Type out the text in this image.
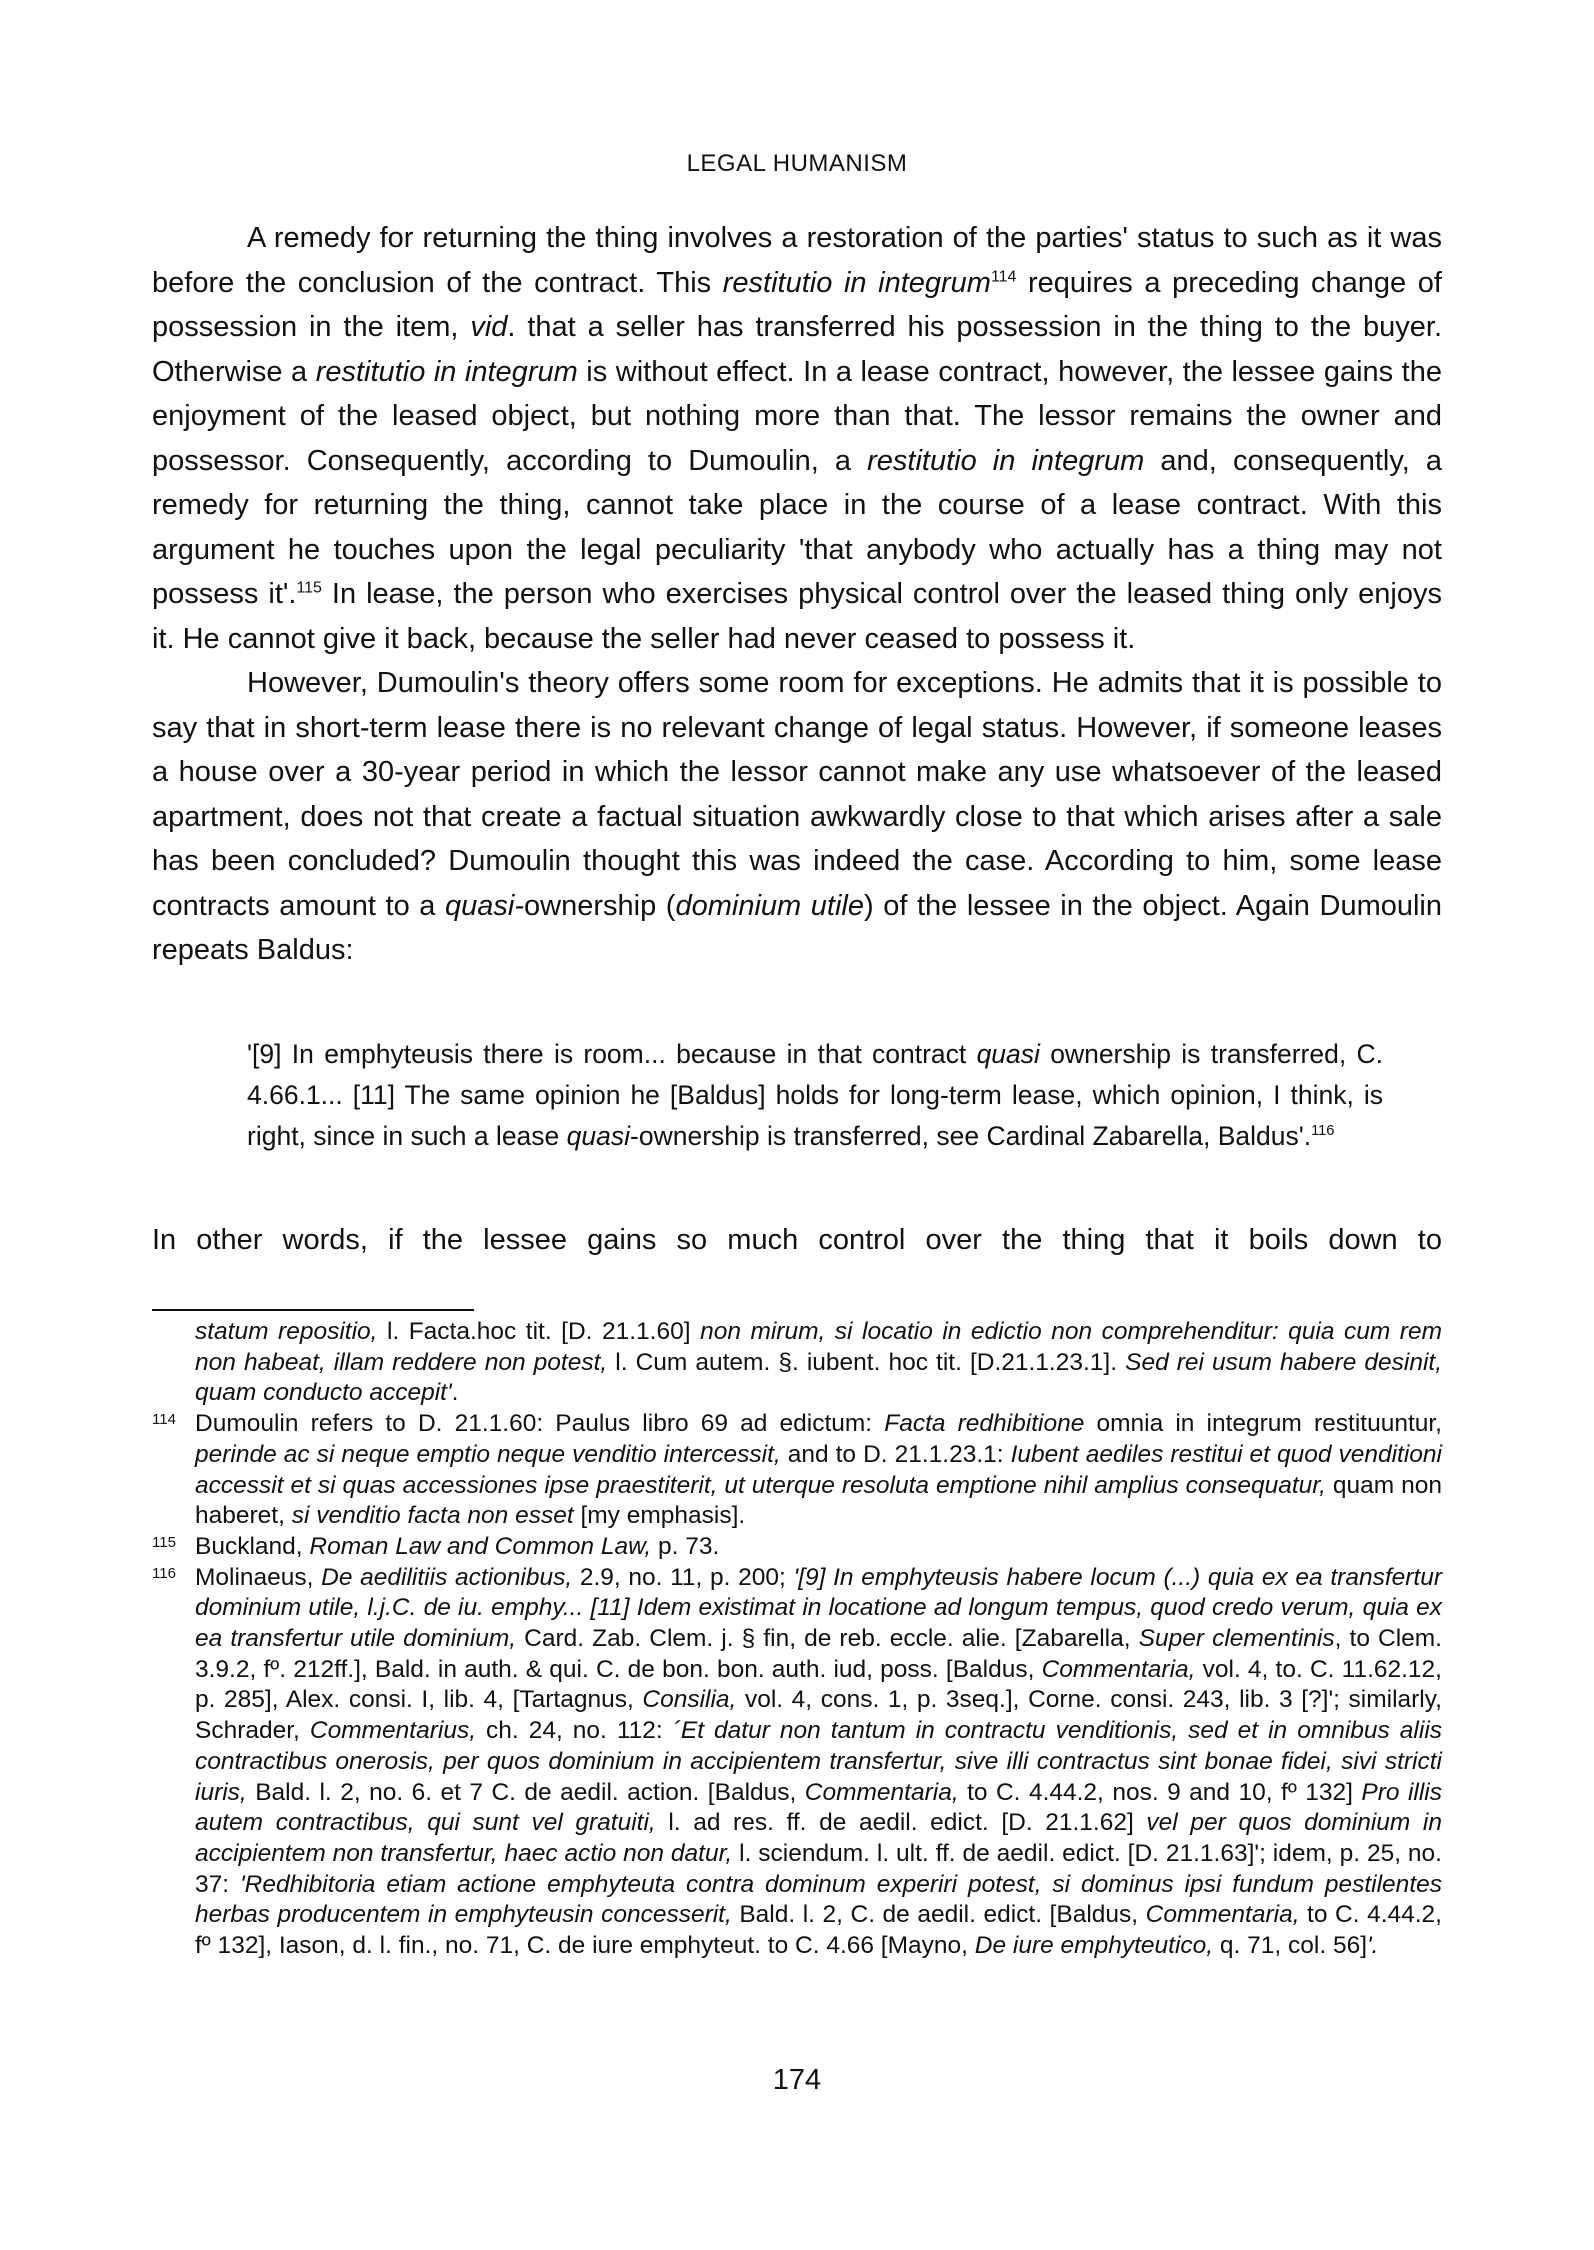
LEGAL HUMANISM

A remedy for returning the thing involves a restoration of the parties' status to such as it was before the conclusion of the contract. This restitutio in integrum$^{114}$ requires a preceding change of possession in the item, vid. that a seller has transferred his possession in the thing to the buyer. Otherwise a restitutio in integrum is without effect. In a lease contract, however, the lessee gains the enjoyment of the leased object, but nothing more than that. The lessor remains the owner and possessor. Consequently, according to Dumoulin, a restitutio in integrum and, consequently, a remedy for returning the thing, cannot take place in the course of a lease contract. With this argument he touches upon the legal peculiarity 'that anybody who actually has a thing may not possess it'.$^{115}$ In lease, the person who exercises physical control over the leased thing only enjoys it. He cannot give it back, because the seller had never ceased to possess it.

However, Dumoulin's theory offers some room for exceptions. He admits that it is possible to say that in short-term lease there is no relevant change of legal status. However, if someone leases a house over a 30-year period in which the lessor cannot make any use whatsoever of the leased apartment, does not that create a factual situation awkwardly close to that which arises after a sale has been concluded? Dumoulin thought this was indeed the case. According to him, some lease contracts amount to a quasi-ownership (dominium utile) of the lessee in the object. Again Dumoulin repeats Baldus:

'[9] In emphyteusis there is room... because in that contract quasi ownership is transferred, C. 4.66.1... [11] The same opinion he [Baldus] holds for long-term lease, which opinion, I think, is right, since in such a lease quasi-ownership is transferred, see Cardinal Zabarella, Baldus'.$^{116}$
In other words, if the lessee gains so much control over the thing that it boils down to
statum repositio, l. Facta.hoc tit. [D. 21.1.60] non mirum, si locatio in edictio non comprehenditur: quia cum rem non habeat, illam reddere non potest, l. Cum autem. §. iubent. hoc tit. [D.21.1.23.1]. Sed rei usum habere desinit, quam conducto accepit'.
114 Dumoulin refers to D. 21.1.60: Paulus libro 69 ad edictum: Facta redhibitione omnia in integrum restituuntur, perinde ac si neque emptio neque venditio intercessit, and to D. 21.1.23.1: Iubent aediles restitui et quod venditioni accessit et si quas accessiones ipse praestiterit, ut uterque resoluta emptione nihil amplius consequatur, quam non haberet, si venditio facta non esset [my emphasis].
115 Buckland, Roman Law and Common Law, p. 73.
116 Molinaeus, De aedilitiis actionibus, 2.9, no. 11, p. 200; '[9] In emphyteusis habere locum (...) quia ex ea transfertur dominium utile, l.j.C. de iu. emphy... [11] Idem existimat in locatione ad longum tempus, quod credo verum, quia ex ea transfertur utile dominium, Card. Zab. Clem. j. § fin, de reb. eccle. alie. [Zabarella, Super clementinis, to Clem. 3.9.2, fº. 212ff.], Bald. in auth. & qui. C. de bon. bon. auth. iud, poss. [Baldus, Commentaria, vol. 4, to. C. 11.62.12, p. 285], Alex. consi. I, lib. 4, [Tartagnus, Consilia, vol. 4, cons. 1, p. 3seq.], Corne. consi. 243, lib. 3 [?]'; similarly, Schrader, Commentarius, ch. 24, no. 112: ´Et datur non tantum in contractu venditionis, sed et in omnibus aliis contractibus onerosis, per quos dominium in accipientem transfertur, sive illi contractus sint bonae fidei, sivi stricti iuris, Bald. l. 2, no. 6. et 7 C. de aedil. action. [Baldus, Commentaria, to C. 4.44.2, nos. 9 and 10, fº 132] Pro illis autem contractibus, qui sunt vel gratuiti, l. ad res. ff. de aedil. edict. [D. 21.1.62] vel per quos dominium in accipientem non transfertur, haec actio non datur, l. sciendum. l. ult. ff. de aedil. edict. [D. 21.1.63]'; idem, p. 25, no. 37: 'Redhibitoria etiam actione emphyteuta contra dominum experiri potest, si dominus ipsi fundum pestilentes herbas producentem in emphyteusin concesserit, Bald. l. 2, C. de aedil. edict. [Baldus, Commentaria, to C. 4.44.2, fº 132], Iason, d. l. fin., no. 71, C. de iure emphyteut. to C. 4.66 [Mayno, De iure emphyteutico, q. 71, col. 56]'.
174
